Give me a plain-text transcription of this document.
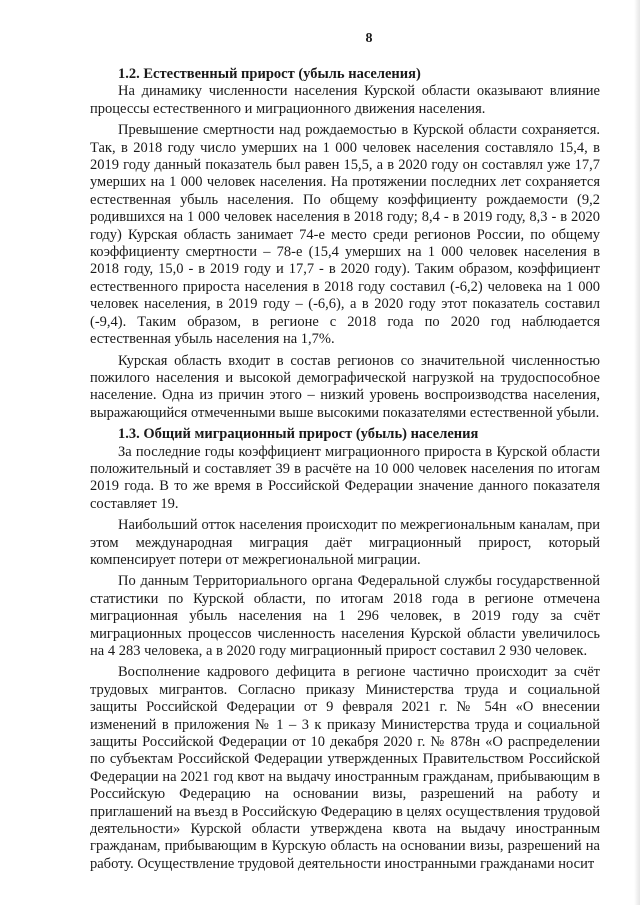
8

1.2. Естественный прирост (убыль населения)

На динамику численности населения Курской области оказывают влияние процессы естественного и миграционного движения населения.

Превышение смертности над рождаемостью в Курской области сохраняется. Так, в 2018 году число умерших на 1 000 человек населения составляло 15,4, в 2019 году данный показатель был равен 15,5, а в 2020 году он составлял уже 17,7 умерших на 1 000 человек населения. На протяжении последних лет сохраняется естественная убыль населения. По общему коэффициенту рождаемости (9,2 родившихся на 1 000 человек населения в 2018 году; 8,4 - в 2019 году, 8,3 - в 2020 году) Курская область занимает 74-е место среди регионов России, по общему коэффициенту смертности – 78-е (15,4 умерших на 1 000 человек населения в 2018 году, 15,0 - в 2019 году и 17,7 - в 2020 году). Таким образом, коэффициент естественного прироста населения в 2018 году составил (-6,2) человека на 1 000 человек населения, в 2019 году – (-6,6), а в 2020 году этот показатель составил (-9,4). Таким образом, в регионе с 2018 года по 2020 год наблюдается естественная убыль населения на 1,7%.

Курская область входит в состав регионов со значительной численностью пожилого населения и высокой демографической нагрузкой на трудоспособное население. Одна из причин этого – низкий уровень воспроизводства населения, выражающийся отмеченными выше высокими показателями естественной убыли.

1.3. Общий миграционный прирост (убыль) населения

За последние годы коэффициент миграционного прироста в Курской области положительный и составляет 39 в расчёте на 10 000 человек населения по итогам 2019 года. В то же время в Российской Федерации значение данного показателя составляет 19.

Наибольший отток населения происходит по межрегиональным каналам, при этом международная миграция даёт миграционный прирост, который компенсирует потери от межрегиональной миграции.

По данным Территориального органа Федеральной службы государственной статистики по Курской области, по итогам 2018 года в регионе отмечена миграционная убыль населения на 1 296 человек, в 2019 году за счёт миграционных процессов численность населения Курской области увеличилось на 4 283 человека, а в 2020 году миграционный прирост составил 2 930 человек.

Восполнение кадрового дефицита в регионе частично происходит за счёт трудовых мигрантов. Согласно приказу Министерства труда и социальной защиты Российской Федерации от 9 февраля 2021 г. № 54н «О внесении изменений в приложения № 1 – 3 к приказу Министерства труда и социальной защиты Российской Федерации от 10 декабря 2020 г. № 878н «О распределении по субъектам Российской Федерации утвержденных Правительством Российской Федерации на 2021 год квот на выдачу иностранным гражданам, прибывающим в Российскую Федерацию на основании визы, разрешений на работу и приглашений на въезд в Российскую Федерацию в целях осуществления трудовой деятельности» Курской области утверждена квота на выдачу иностранным гражданам, прибывающим в Курскую область на основании визы, разрешений на работу. Осуществление трудовой деятельности иностранными гражданами носит
